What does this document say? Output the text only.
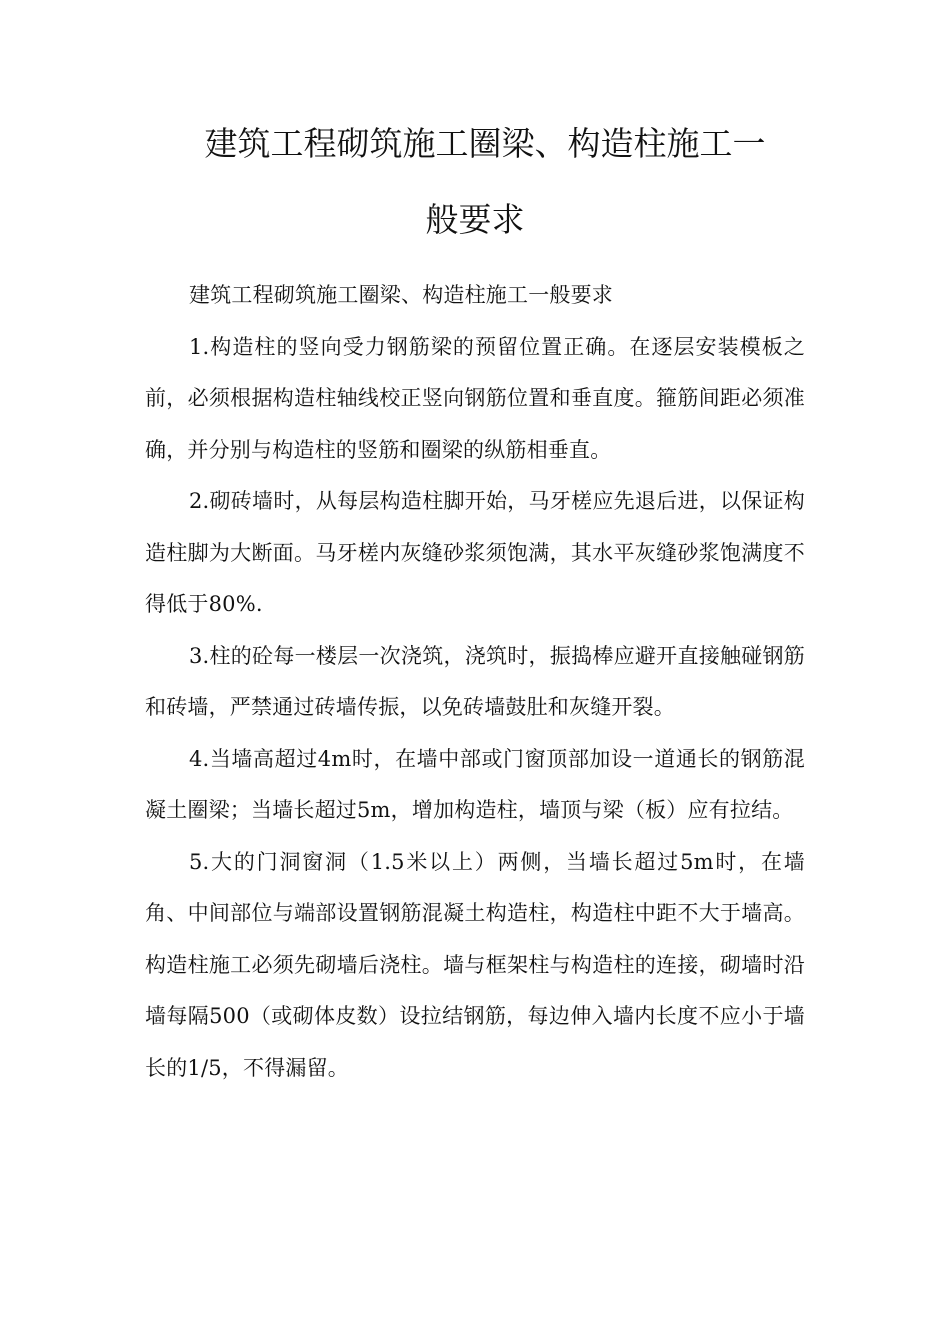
建筑工程砌筑施工圈梁、构造柱施工一
般要求

建筑工程砌筑施工圈梁、构造柱施工一般要求

1.构造柱的竖向受力钢筋梁的预留位置正确。在逐层安装模板之前，必须根据构造柱轴线校正竖向钢筋位置和垂直度。箍筋间距必须准确，并分别与构造柱的竖筋和圈梁的纵筋相垂直。

2.砌砖墙时，从每层构造柱脚开始，马牙槎应先退后进，以保证构造柱脚为大断面。马牙槎内灰缝砂浆须饱满，其水平灰缝砂浆饱满度不得低于80%.

3.柱的砼每一楼层一次浇筑，浇筑时，振捣棒应避开直接触碰钢筋和砖墙，严禁通过砖墙传振，以免砖墙鼓肚和灰缝开裂。

4.当墙高超过4m时，在墙中部或门窗顶部加设一道通长的钢筋混凝土圈梁；当墙长超过5m，增加构造柱，墙顶与梁（板）应有拉结。

5.大的门洞窗洞（1.5米以上）两侧，当墙长超过5m时，在墙角、中间部位与端部设置钢筋混凝土构造柱，构造柱中距不大于墙高。构造柱施工必须先砌墙后浇柱。墙与框架柱与构造柱的连接，砌墙时沿墙每隔500（或砌体皮数）设拉结钢筋，每边伸入墙内长度不应小于墙长的1/5，不得漏留。
